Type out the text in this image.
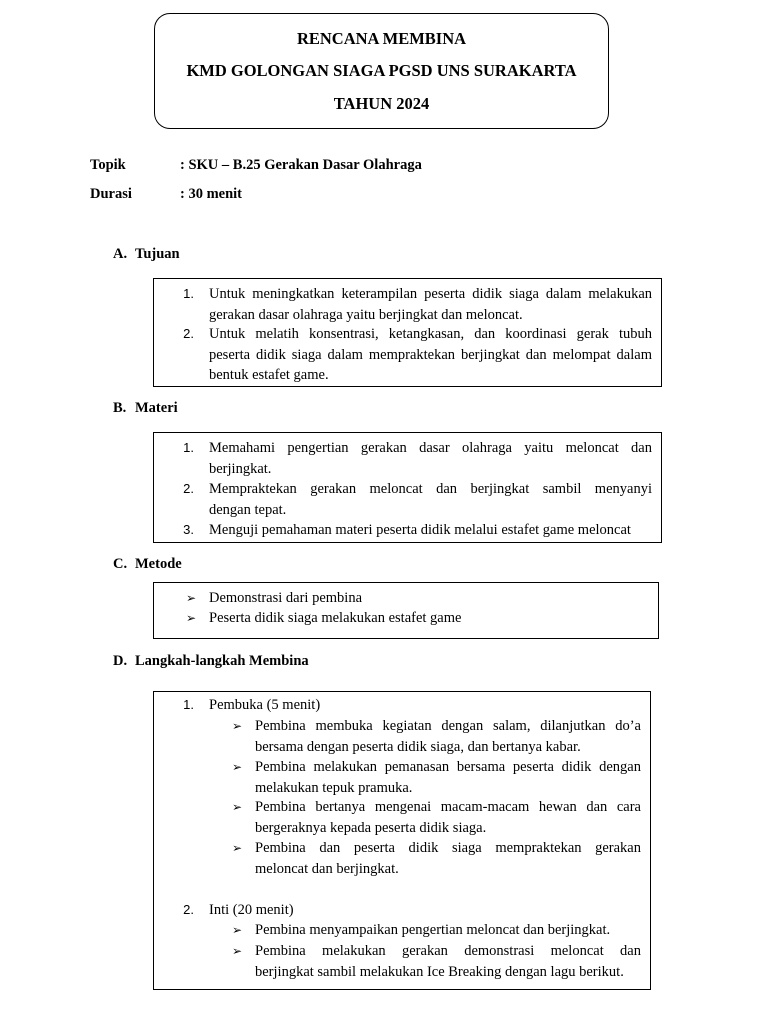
RENCANA MEMBINA
KMD GOLONGAN SIAGA PGSD UNS SURAKARTA
TAHUN 2024
Topik	: SKU – B.25 Gerakan Dasar Olahraga
Durasi	: 30 menit
A. Tujuan
1. Untuk meningkatkan keterampilan peserta didik siaga dalam melakukan
gerakan dasar olahraga yaitu berjingkat dan meloncat.
2. Untuk melatih konsentrasi, ketangkasan, dan koordinasi gerak tubuh
peserta didik siaga dalam mempraktekan berjingkat dan melompat dalam
bentuk estafet game.
B. Materi
1. Memahami pengertian gerakan dasar olahraga yaitu meloncat dan
berjingkat.
2. Mempraktekan gerakan meloncat dan berjingkat sambil menyanyi
dengan tepat.
3. Menguji pemahaman materi peserta didik melalui estafet game meloncat
C. Metode
➢ Demonstrasi dari pembina
➢ Peserta didik siaga melakukan estafet game
D. Langkah-langkah Membina
1. Pembuka (5 menit)
➢ Pembina membuka kegiatan dengan salam, dilanjutkan do’a
bersama dengan peserta didik siaga, dan bertanya kabar.
➢ Pembina melakukan pemanasan bersama peserta didik dengan
melakukan tepuk pramuka.
➢ Pembina bertanya mengenai macam-macam hewan dan cara
bergeraknya kepada peserta didik siaga.
➢ Pembina dan peserta didik siaga mempraktekan gerakan
meloncat dan berjingkat.
2. Inti (20 menit)
➢ Pembina menyampaikan pengertian meloncat dan berjingkat.
➢ Pembina melakukan gerakan demonstrasi meloncat dan
berjingkat sambil melakukan Ice Breaking dengan lagu berikut.
